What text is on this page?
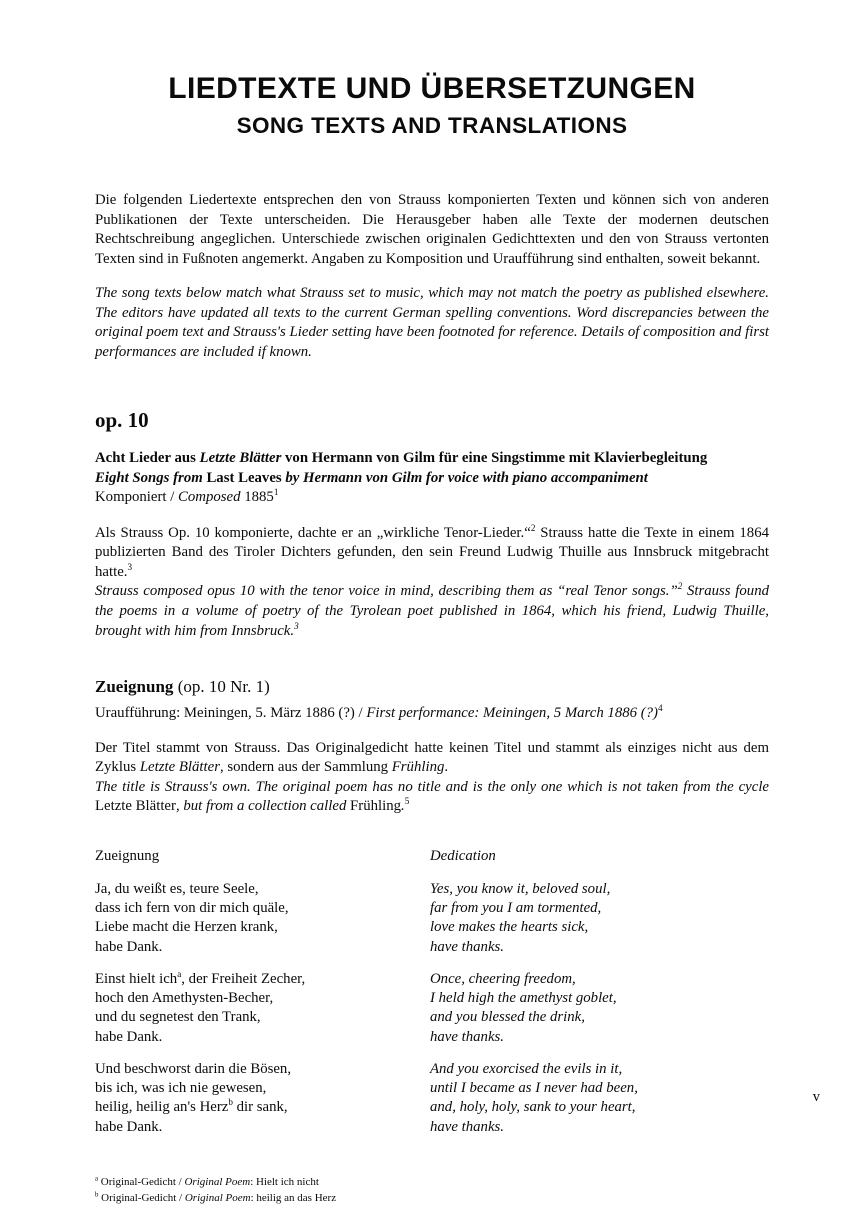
LIEDTEXTE UND ÜBERSETZUNGEN
SONG TEXTS AND TRANSLATIONS

Die folgenden Liedertexte entsprechen den von Strauss komponierten Texten und können sich von anderen Publikationen der Texte unterscheiden. Die Herausgeber haben alle Texte der modernen deutschen Rechtschreibung angeglichen. Unterschiede zwischen originalen Gedichttexten und den von Strauss vertonten Texten sind in Fußnoten angemerkt. Angaben zu Komposition und Uraufführung sind enthalten, soweit bekannt.

The song texts below match what Strauss set to music, which may not match the poetry as published elsewhere. The editors have updated all texts to the current German spelling conventions. Word discrepancies between the original poem text and Strauss's Lieder setting have been footnoted for reference. Details of composition and first performances are included if known.

op. 10

Acht Lieder aus Letzte Blätter von Hermann von Gilm für eine Singstimme mit Klavierbegleitung

Eight Songs from Last Leaves by Hermann von Gilm for voice with piano accompaniment

Komponiert / Composed 1885$^1$

Als Strauss Op. 10 komponierte, dachte er an „wirkliche Tenor-Lieder.“$^2$ Strauss hatte die Texte in einem 1864 publizierten Band des Tiroler Dichters gefunden, den sein Freund Ludwig Thuille aus Innsbruck mitgebracht hatte.$^3$

Strauss composed opus 10 with the tenor voice in mind, describing them as “real Tenor songs.”$^2$ Strauss found the poems in a volume of poetry of the Tyrolean poet published in 1864, which his friend, Ludwig Thuille, brought with him from Innsbruck.$^3$

Zueignung (op. 10 Nr. 1)

Uraufführung: Meiningen, 5. März 1886 (?) / First performance: Meiningen, 5 March 1886 (?)$^4$

Der Titel stammt von Strauss. Das Originalgedicht hatte keinen Titel und stammt als einziges nicht aus dem Zyklus Letzte Blätter, sondern aus der Sammlung Frühling.

The title is Strauss's own. The original poem has no title and is the only one which is not taken from the cycle Letzte Blätter, but from a collection called Frühling.$^5$

Zueignung
Ja, du weißt es, teure Seele,
dass ich fern von dir mich quäle,
Liebe macht die Herzen krank,
habe Dank.
Einst hielt ich$^a$, der Freiheit Zecher,
hoch den Amethysten-Becher,
und du segnetest den Trank,
habe Dank.
Und beschworst darin die Bösen,
bis ich, was ich nie gewesen,
heilig, heilig an's Herz$^b$ dir sank,
habe Dank.
Dedication
Yes, you know it, beloved soul,
far from you I am tormented,
love makes the hearts sick,
have thanks.
Once, cheering freedom,
I held high the amethyst goblet,
and you blessed the drink,
have thanks.
And you exorcised the evils in it,
until I became as I never had been,
and, holy, holy, sank to your heart,
have thanks.

$^a$ Original-Gedicht / Original Poem: Hielt ich nicht

$^b$ Original-Gedicht / Original Poem: heilig an das Herz

v
